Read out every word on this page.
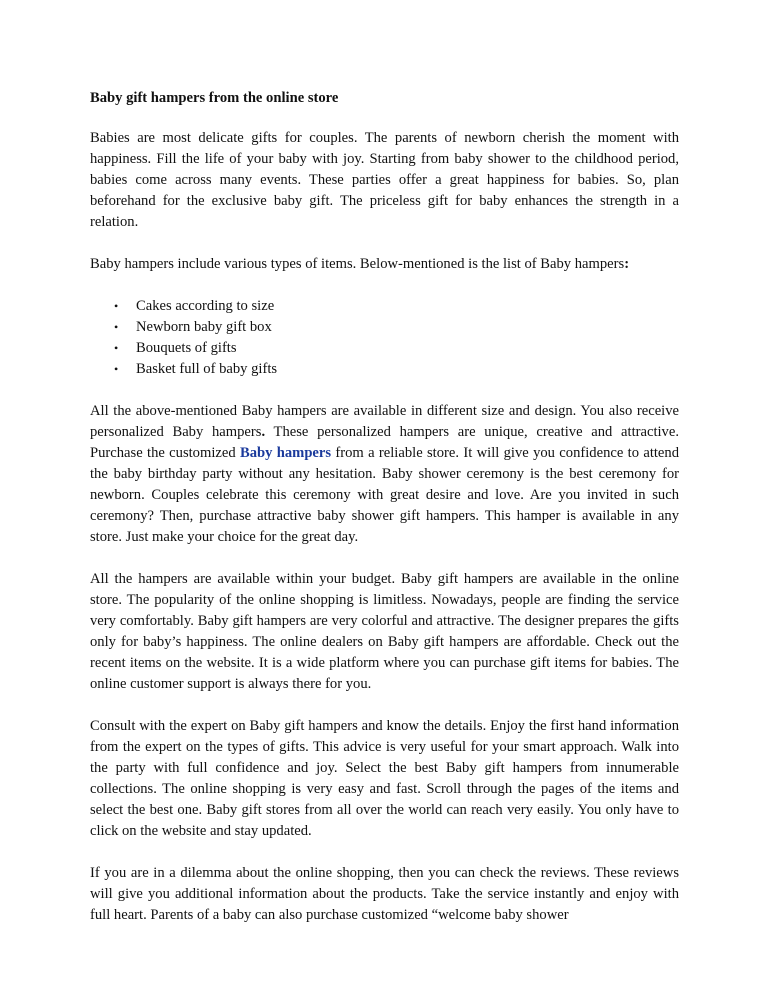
Baby gift hampers from the online store

Babies are most delicate gifts for couples. The parents of newborn cherish the moment with happiness. Fill the life of your baby with joy. Starting from baby shower to the childhood period, babies come across many events. These parties offer a great happiness for babies. So, plan beforehand for the exclusive baby gift. The priceless gift for baby enhances the strength in a relation.

Baby hampers include various types of items. Below-mentioned is the list of Baby hampers:

• Cakes according to size
• Newborn baby gift box
• Bouquets of gifts
• Basket full of baby gifts

All the above-mentioned Baby hampers are available in different size and design. You also receive personalized Baby hampers. These personalized hampers are unique, creative and attractive. Purchase the customized Baby hampers from a reliable store. It will give you confidence to attend the baby birthday party without any hesitation. Baby shower ceremony is the best ceremony for newborn. Couples celebrate this ceremony with great desire and love. Are you invited in such ceremony? Then, purchase attractive baby shower gift hampers. This hamper is available in any store. Just make your choice for the great day.

All the hampers are available within your budget. Baby gift hampers are available in the online store. The popularity of the online shopping is limitless. Nowadays, people are finding the service very comfortably. Baby gift hampers are very colorful and attractive. The designer prepares the gifts only for baby’s happiness. The online dealers on Baby gift hampers are affordable. Check out the recent items on the website. It is a wide platform where you can purchase gift items for babies. The online customer support is always there for you.

Consult with the expert on Baby gift hampers and know the details. Enjoy the first hand information from the expert on the types of gifts. This advice is very useful for your smart approach. Walk into the party with full confidence and joy. Select the best Baby gift hampers from innumerable collections. The online shopping is very easy and fast. Scroll through the pages of the items and select the best one. Baby gift stores from all over the world can reach very easily. You only have to click on the website and stay updated.

If you are in a dilemma about the online shopping, then you can check the reviews. These reviews will give you additional information about the products. Take the service instantly and enjoy with full heart. Parents of a baby can also purchase customized “welcome baby shower
